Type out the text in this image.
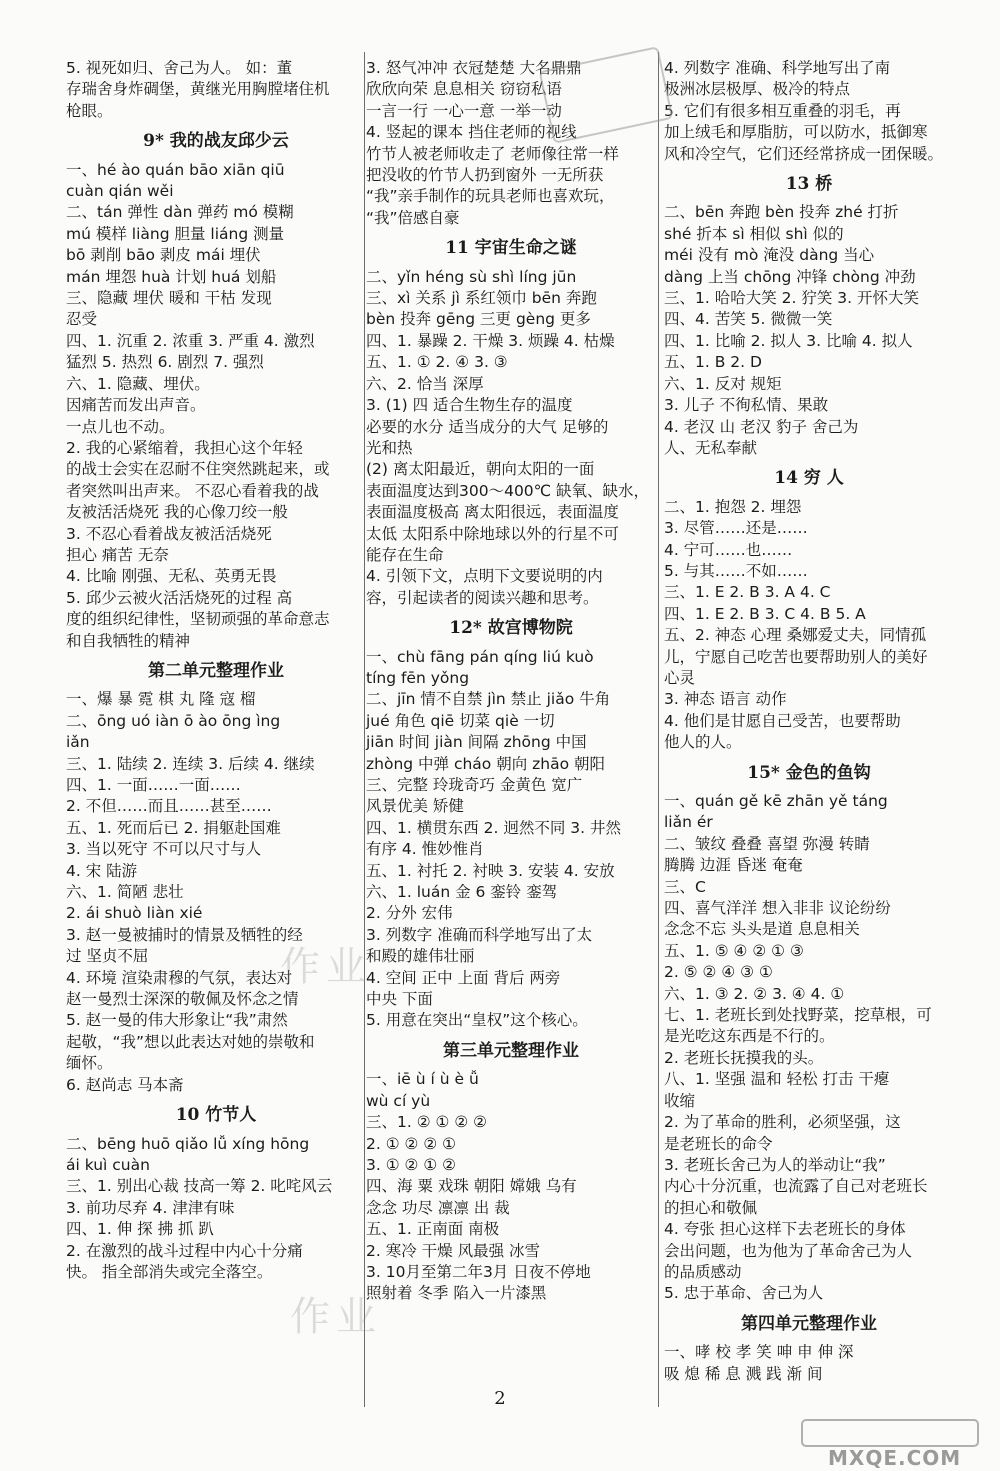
5. 视死如归、舍己为人。 如：董
存瑞舍身炸碉堡，黄继光用胸膛堵住机
枪眼。
9* 我的战友邱少云
一、hé ào quán bāo xiān qiū
cuàn qián wěi
二、tán 弹性 dàn 弹药 mó 模糊
mú 模样 liàng 胆量 liáng 测量
bō 剥削 bāo 剥皮 mái 埋伏
mán 埋怨 huà 计划 huá 划船
三、隐藏 埋伏 暖和 干枯 发现
忍受
四、1. 沉重 2. 浓重 3. 严重 4. 激烈
猛烈 5. 热烈 6. 剧烈 7. 强烈
六、1. 隐藏、埋伏。
因痛苦而发出声音。
一点儿也不动。
2. 我的心紧缩着，我担心这个年轻
的战士会实在忍耐不住突然跳起来，或
者突然叫出声来。 不忍心看着我的战
友被活活烧死 我的心像刀绞一般
3. 不忍心看着战友被活活烧死
担心 痛苦 无奈
4. 比喻 刚强、无私、英勇无畏
5. 邱少云被火活活烧死的过程 高
度的组织纪律性，坚韧顽强的革命意志
和自我牺牲的精神
第二单元整理作业
一、爆 暴 霓 棋 丸 隆 寇 榴
二、ōng uó iàn ō ào ōng ìng
iǎn
三、1. 陆续 2. 连续 3. 后续 4. 继续
四、1. 一面……一面……
2. 不但……而且……甚至……
五、1. 死而后已 2. 捐躯赴国难
3. 当以死守 不可以尺寸与人
4. 宋 陆游
六、1. 简陋 悲壮
2. ái shuò liàn xié
3. 赵一曼被捕时的情景及牺牲的经
过 坚贞不屈
4. 环境 渲染肃穆的气氛，表达对
赵一曼烈士深深的敬佩及怀念之情
5. 赵一曼的伟大形象让“我”肃然
起敬，“我”想以此表达对她的崇敬和
缅怀。
6. 赵尚志 马本斋
10 竹节人
二、bēng huō qiǎo lǚ xíng hōng
ái kuì cuàn
三、1. 别出心裁 技高一筹 2. 叱咤风云
3. 前功尽弃 4. 津津有味
四、1. 伸 探 拂 抓 趴
2. 在激烈的战斗过程中内心十分痛
快。 指全部消失或完全落空。
3. 怒气冲冲 衣冠楚楚 大名鼎鼎
欣欣向荣 息息相关 窃窃私语
一言一行 一心一意 一举一动
4. 竖起的课本 挡住老师的视线
竹节人被老师收走了 老师像往常一样
把没收的竹节人扔到窗外 一无所获
“我”亲手制作的玩具老师也喜欢玩，
“我”倍感自豪
11 宇宙生命之谜
二、yǐn héng sù shì líng jūn
三、xì 关系 jì 系红领巾 bēn 奔跑
bèn 投奔 gēng 三更 gèng 更多
四、1. 暴躁 2. 干燥 3. 烦躁 4. 枯燥
五、1. ① 2. ④ 3. ③
六、2. 恰当 深厚
3. (1) 四 适合生物生存的温度
必要的水分 适当成分的大气 足够的
光和热
(2) 离太阳最近，朝向太阳的一面
表面温度达到300～400℃ 缺氧、缺水，
表面温度极高 离太阳很远，表面温度
太低 太阳系中除地球以外的行星不可
能存在生命
4. 引领下文，点明下文要说明的内
容，引起读者的阅读兴趣和思考。
12* 故宫博物院
一、chù fāng pán qíng liú kuò
tíng fēn yǒng
二、jīn 情不自禁 jìn 禁止 jiǎo 牛角
jué 角色 qiē 切菜 qiè 一切
jiān 时间 jiàn 间隔 zhōng 中国
zhòng 中弹 cháo 朝向 zhāo 朝阳
三、完整 玲珑奇巧 金黄色 宽广
风景优美 矫健
四、1. 横贯东西 2. 迥然不同 3. 井然
有序 4. 惟妙惟肖
五、1. 衬托 2. 衬映 3. 安装 4. 安放
六、1. luán 金 6 銮铃 銮驾
2. 分外 宏伟
3. 列数字 准确而科学地写出了太
和殿的雄伟壮丽
4. 空间 正中 上面 背后 两旁
中央 下面
5. 用意在突出“皇权”这个核心。
第三单元整理作业
一、iē ù í ù è ǚ
wù cí yù
三、1. ② ① ② ②
2. ① ② ② ①
3. ① ② ① ②
四、海 粟 戏珠 朝阳 嫦娥 乌有
念念 功尽 凛凛 出 裁
五、1. 正南面 南极
2. 寒冷 干燥 风最强 冰雪
3. 10月至第二年3月 日夜不停地
照射着 冬季 陷入一片漆黑
4. 列数字 准确、科学地写出了南
极洲冰层极厚、极冷的特点
5. 它们有很多相互重叠的羽毛，再
加上绒毛和厚脂肪，可以防水，抵御寒
风和冷空气，它们还经常挤成一团保暖。
13 桥
二、bēn 奔跑 bèn 投奔 zhé 打折
shé 折本 sì 相似 shì 似的
méi 没有 mò 淹没 dàng 当心
dàng 上当 chōng 冲锋 chòng 冲劲
三、1. 哈哈大笑 2. 狞笑 3. 开怀大笑
四、4. 苦笑 5. 微微一笑
四、1. 比喻 2. 拟人 3. 比喻 4. 拟人
五、1. B 2. D
六、1. 反对 规矩
3. 儿子 不徇私情、果敢
4. 老汉 山 老汉 豹子 舍己为
人、无私奉献
14 穷 人
二、1. 抱怨 2. 埋怨
3. 尽管……还是……
4. 宁可……也……
5. 与其……不如……
三、1. E 2. B 3. A 4. C
四、1. E 2. B 3. C 4. B 5. A
五、2. 神态 心理 桑娜爱丈夫，同情孤
儿，宁愿自己吃苦也要帮助别人的美好
心灵
3. 神态 语言 动作
4. 他们是甘愿自己受苦，也要帮助
他人的人。
15* 金色的鱼钩
一、quán gě kē zhān yě táng
liǎn ér
二、皱纹 叠叠 喜望 弥漫 转睛
腾腾 边涯 昏迷 奄奄
三、C
四、喜气洋洋 想入非非 议论纷纷
念念不忘 头头是道 息息相关
五、1. ⑤ ④ ② ① ③
2. ⑤ ② ④ ③ ①
六、1. ③ 2. ② 3. ④ 4. ①
七、1. 老班长到处找野菜，挖草根，可
是光吃这东西是不行的。
2. 老班长抚摸我的头。
八、1. 坚强 温和 轻松 打击 干瘪
收缩
2. 为了革命的胜利，必须坚强，这
是老班长的命令
3. 老班长舍己为人的举动让“我”
内心十分沉重，也流露了自己对老班长
的担心和敬佩
4. 夸张 担心这样下去老班长的身体
会出问题，也为他为了革命舍己为人
的品质感动
5. 忠于革命、舍己为人
第四单元整理作业
一、哮 校 孝 笑 呻 申 伸 深
吸 熄 稀 息 溅 践 渐 间
作业
作业
2
MXQE.COM
